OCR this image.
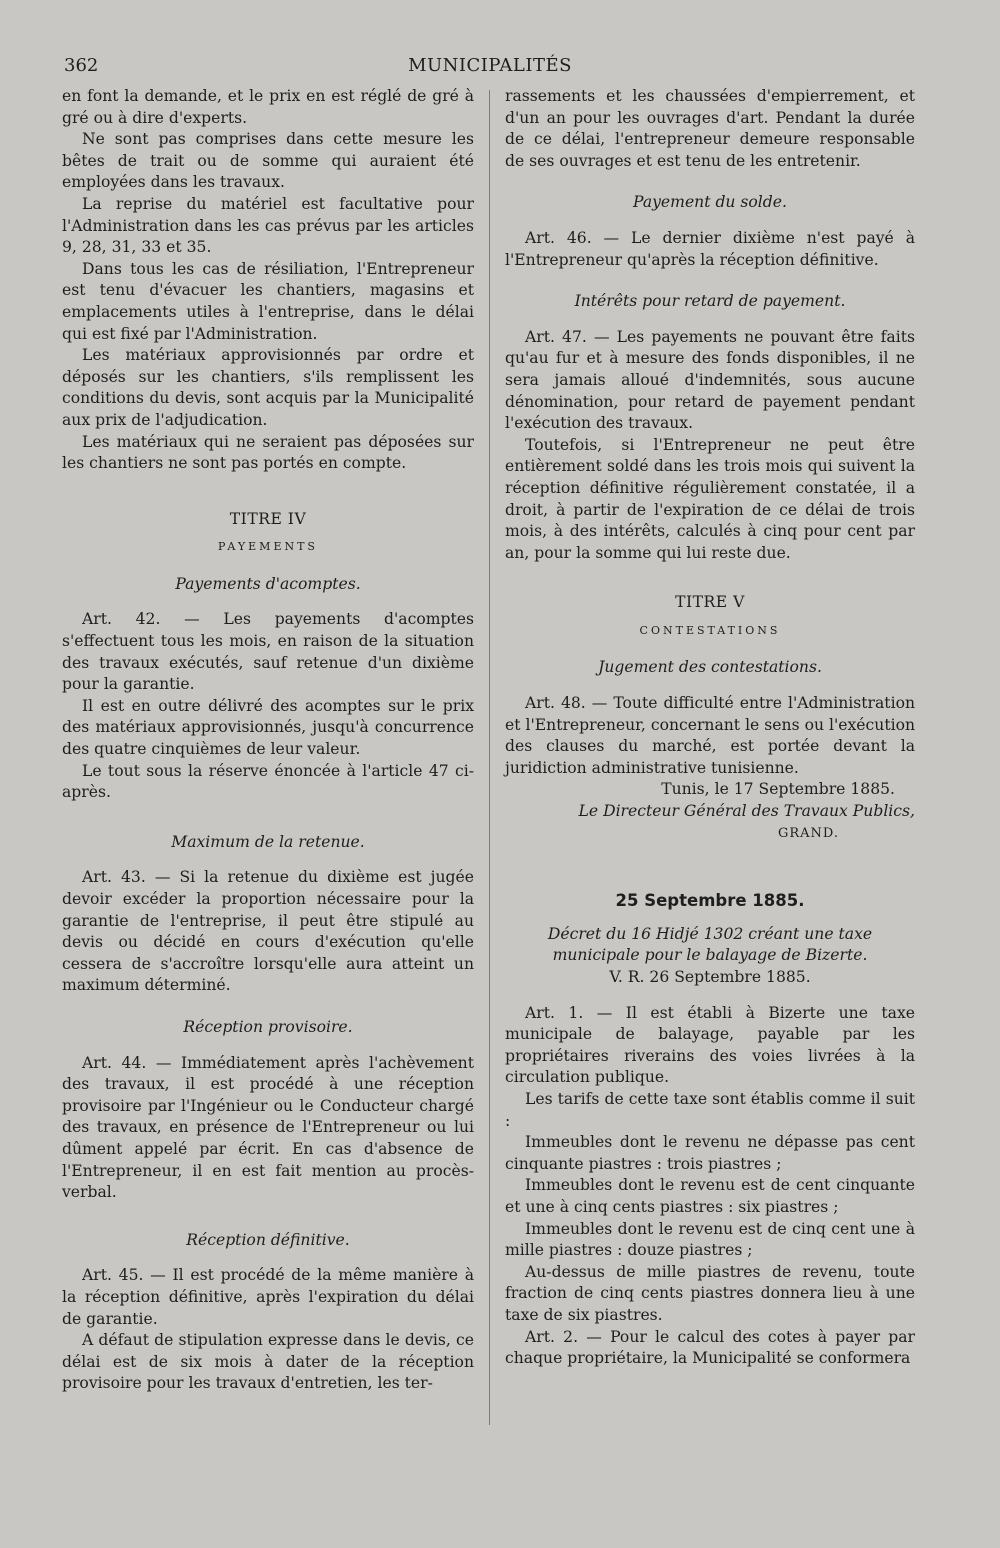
362	MUNICIPALITÉS

en font la demande, et le prix en est réglé de gré à gré ou à dire d'experts.

Ne sont pas comprises dans cette mesure les bêtes de trait ou de somme qui auraient été employées dans les travaux.

La reprise du matériel est facultative pour l'Administration dans les cas prévus par les articles 9, 28, 31, 33 et 35.

Dans tous les cas de résiliation, l'Entrepreneur est tenu d'évacuer les chantiers, magasins et emplacements utiles à l'entreprise, dans le délai qui est fixé par l'Administration.

Les matériaux approvisionnés par ordre et déposés sur les chantiers, s'ils remplissent les conditions du devis, sont acquis par la Municipalité aux prix de l'adjudication.

Les matériaux qui ne seraient pas déposées sur les chantiers ne sont pas portés en compte.

TITRE IV
PAYEMENTS
Payements d'acomptes.

Art. 42. — Les payements d'acomptes s'effectuent tous les mois, en raison de la situation des travaux exécutés, sauf retenue d'un dixième pour la garantie.

Il est en outre délivré des acomptes sur le prix des matériaux approvisionnés, jusqu'à concurrence des quatre cinquièmes de leur valeur.

Le tout sous la réserve énoncée à l'article 47 ci-après.

Maximum de la retenue.

Art. 43. — Si la retenue du dixième est jugée devoir excéder la proportion nécessaire pour la garantie de l'entreprise, il peut être stipulé au devis ou décidé en cours d'exécution qu'elle cessera de s'accroître lorsqu'elle aura atteint un maximum déterminé.

Réception provisoire.

Art. 44. — Immédiatement après l'achèvement des travaux, il est procédé à une réception provisoire par l'Ingénieur ou le Conducteur chargé des travaux, en présence de l'Entrepreneur ou lui dûment appelé par écrit. En cas d'absence de l'Entrepreneur, il en est fait mention au procès-verbal.

Réception définitive.

Art. 45. — Il est procédé de la même manière à la réception définitive, après l'expiration du délai de garantie.

A défaut de stipulation expresse dans le devis, ce délai est de six mois à dater de la réception provisoire pour les travaux d'entretien, les ter-

rassements et les chaussées d'empierrement, et d'un an pour les ouvrages d'art. Pendant la durée de ce délai, l'entrepreneur demeure responsable de ses ouvrages et est tenu de les entretenir.

Payement du solde.

Art. 46. — Le dernier dixième n'est payé à l'Entrepreneur qu'après la réception définitive.

Intérêts pour retard de payement.

Art. 47. — Les payements ne pouvant être faits qu'au fur et à mesure des fonds disponibles, il ne sera jamais alloué d'indemnités, sous aucune dénomination, pour retard de payement pendant l'exécution des travaux.

Toutefois, si l'Entrepreneur ne peut être entièrement soldé dans les trois mois qui suivent la réception définitive régulièrement constatée, il a droit, à partir de l'expiration de ce délai de trois mois, à des intérêts, calculés à cinq pour cent par an, pour la somme qui lui reste due.

TITRE V
CONTESTATIONS
Jugement des contestations.

Art. 48. — Toute difficulté entre l'Administration et l'Entrepreneur, concernant le sens ou l'exécution des clauses du marché, est portée devant la juridiction administrative tunisienne.

Tunis, le 17 Septembre 1885.
Le Directeur Général des Travaux Publics,
GRAND.
25 Septembre 1885.
Décret du 16 Hidjé 1302 créant une taxe municipale pour le balayage de Bizerte.
V. R. 26 Septembre 1885.

Art. 1. — Il est établi à Bizerte une taxe municipale de balayage, payable par les propriétaires riverains des voies livrées à la circulation publique.

Les tarifs de cette taxe sont établis comme il suit :

Immeubles dont le revenu ne dépasse pas cent cinquante piastres : trois piastres ;

Immeubles dont le revenu est de cent cinquante et une à cinq cents piastres : six piastres ;

Immeubles dont le revenu est de cinq cent une à mille piastres : douze piastres ;

Au-dessus de mille piastres de revenu, toute fraction de cinq cents piastres donnera lieu à une taxe de six piastres.

Art. 2. — Pour le calcul des cotes à payer par chaque propriétaire, la Municipalité se conformera
